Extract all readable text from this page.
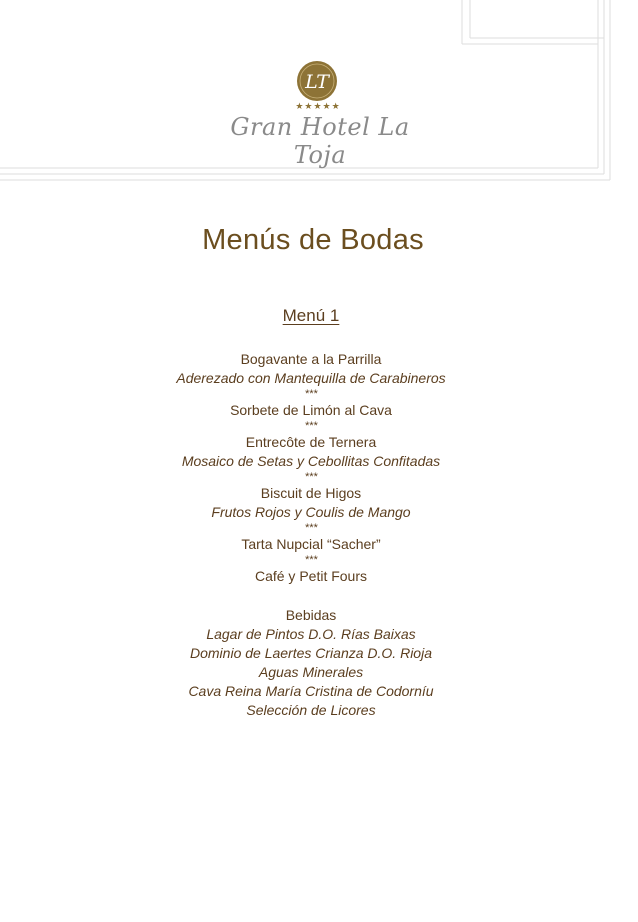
LT
★★★★★
Gran Hotel La Toja
Menús de Bodas
Menú 1
Bogavante a la Parrilla
Aderezado con Mantequilla de Carabineros
***
Sorbete de Limón al Cava
***
Entrecôte de Ternera
Mosaico de Setas y Cebollitas Confitadas
***
Biscuit de Higos
Frutos Rojos y Coulis de Mango
***
Tarta Nupcial “Sacher”
***
Café y Petit Fours
Bebidas
Lagar de Pintos D.O. Rías Baixas
Dominio de Laertes Crianza D.O. Rioja
Aguas Minerales
Cava Reina María Cristina de Codorníu
Selección de Licores
